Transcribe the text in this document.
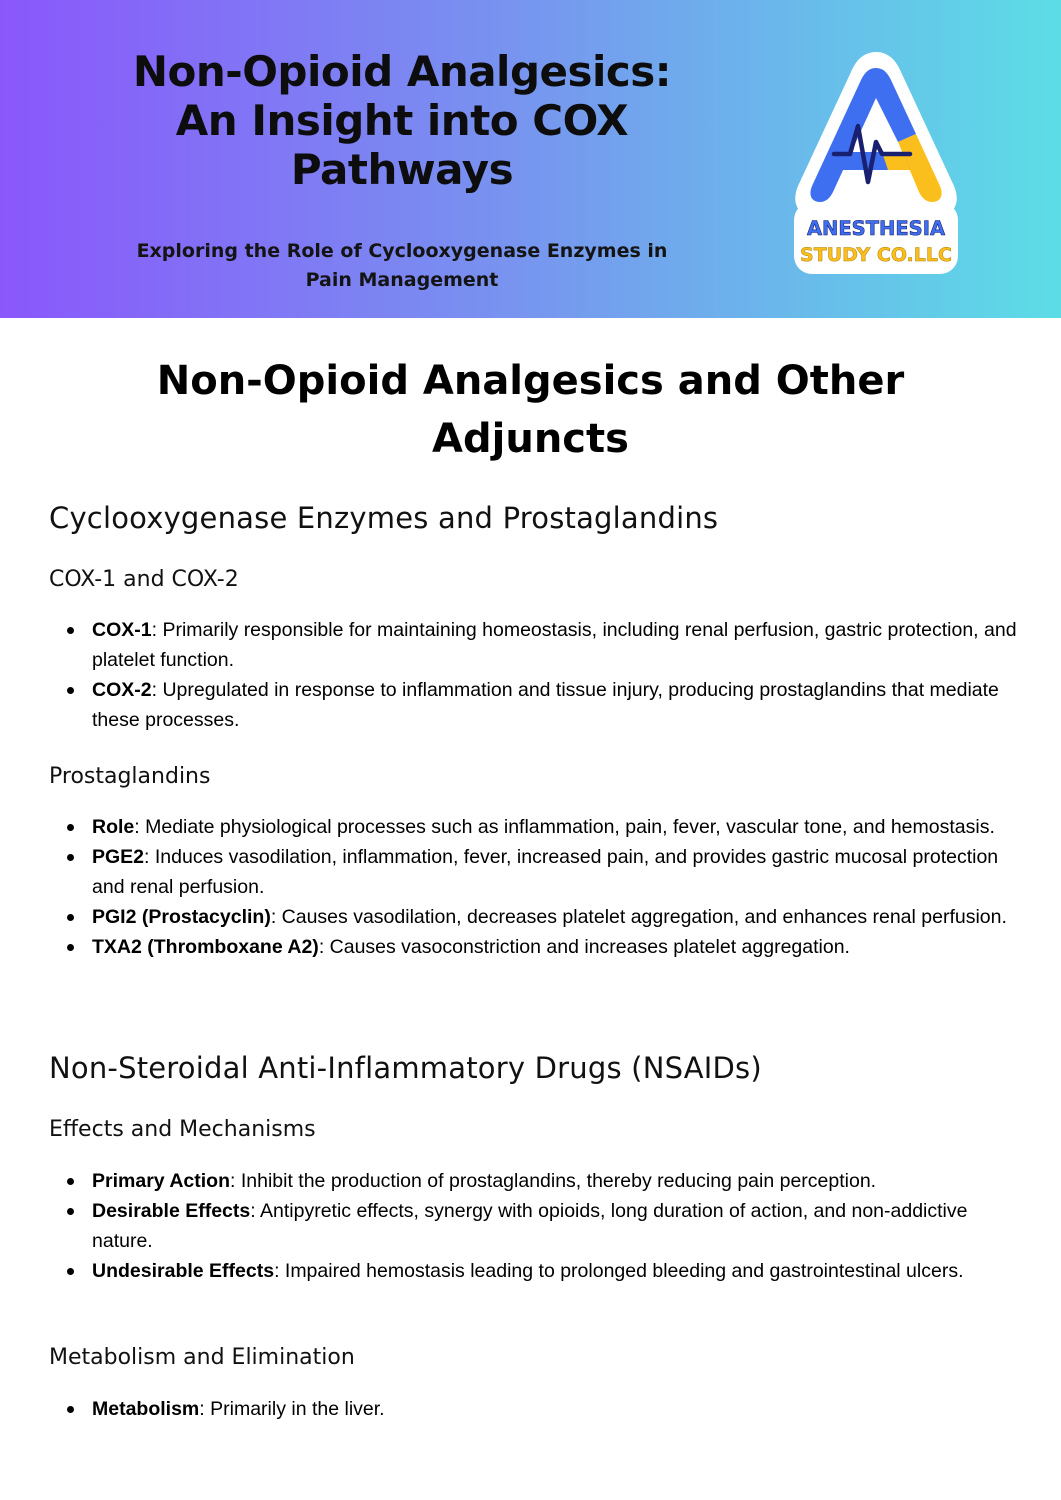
Non-Opioid Analgesics:
An Insight into COX
Pathways

Exploring the Role of Cyclooxygenase Enzymes in
Pain Management

ANESTHESIA
STUDY CO.LLC
Non-Opioid Analgesics and Other
Adjuncts
Cyclooxygenase Enzymes and Prostaglandins
COX-1 and COX-2
COX-1: Primarily responsible for maintaining homeostasis, including renal perfusion, gastric protection, and platelet function.
COX-2: Upregulated in response to inflammation and tissue injury, producing prostaglandins that mediate these processes.
Prostaglandins
Role: Mediate physiological processes such as inflammation, pain, fever, vascular tone, and hemostasis.
PGE2: Induces vasodilation, inflammation, fever, increased pain, and provides gastric mucosal protection and renal perfusion.
PGI2 (Prostacyclin): Causes vasodilation, decreases platelet aggregation, and enhances renal perfusion.
TXA2 (Thromboxane A2): Causes vasoconstriction and increases platelet aggregation.
Non-Steroidal Anti-Inflammatory Drugs (NSAIDs)
Effects and Mechanisms
Primary Action: Inhibit the production of prostaglandins, thereby reducing pain perception.
Desirable Effects: Antipyretic effects, synergy with opioids, long duration of action, and non-addictive nature.
Undesirable Effects: Impaired hemostasis leading to prolonged bleeding and gastrointestinal ulcers.
Metabolism and Elimination
Metabolism: Primarily in the liver.
